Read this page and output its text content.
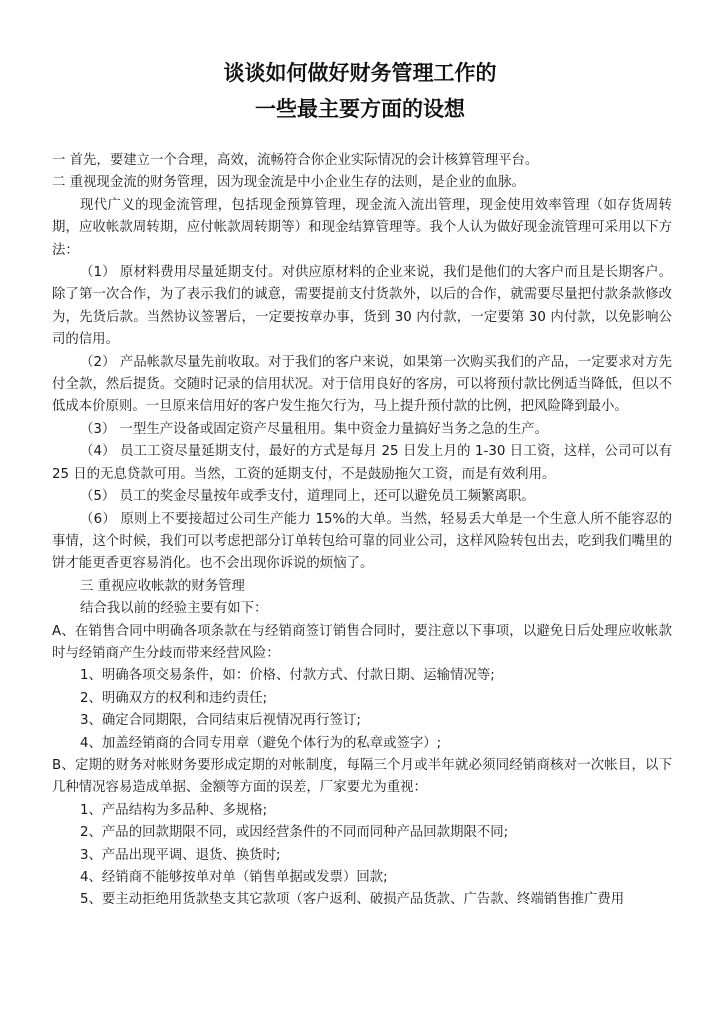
谈谈如何做好财务管理工作的
一些最主要方面的设想

一 首先，要建立一个合理，高效，流畅符合你企业实际情况的会计核算管理平台。

二 重视现金流的财务管理，因为现金流是中小企业生存的法则，是企业的血脉。

现代广义的现金流管理，包括现金预算管理，现金流入流出管理，现金使用效率管理（如存货周转期，应收帐款周转期，应付帐款周转期等）和现金结算管理等。我个人认为做好现金流管理可采用以下方法：

（1） 原材料费用尽量延期支付。对供应原材料的企业来说，我们是他们的大客户而且是长期客户。除了第一次合作，为了表示我们的诚意，需要提前支付货款外，以后的合作，就需要尽量把付款条款修改为，先货后款。当然协议签署后，一定要按章办事，货到 30 内付款，一定要第 30 内付款，以免影响公司的信用。

（2） 产品帐款尽量先前收取。对于我们的客户来说，如果第一次购买我们的产品，一定要求对方先付全款，然后提货。交随时记录的信用状况。对于信用良好的客房，可以将预付款比例适当降低，但以不低成本价原则。一旦原来信用好的客户发生拖欠行为，马上提升预付款的比例，把风险降到最小。

（3） 一型生产设备或固定资产尽量租用。集中资金力量搞好当务之急的生产。

（4） 员工工资尽量延期支付，最好的方式是每月 25 日发上月的 1-30 日工资，这样，公司可以有 25 日的无息贷款可用。当然，工资的延期支付，不是鼓励拖欠工资，而是有效利用。

（5） 员工的奖金尽量按年或季支付，道理同上，还可以避免员工频繁离职。

（6） 原则上不要接超过公司生产能力 15%的大单。当然，轻易丢大单是一个生意人所不能容忍的事情，这个时候，我们可以考虑把部分订单转包给可靠的同业公司，这样风险转包出去，吃到我们嘴里的饼才能更香更容易消化。也不会出现你诉说的烦恼了。

三 重视应收帐款的财务管理

结合我以前的经验主要有如下：

A、在销售合同中明确各项条款在与经销商签订销售合同时，要注意以下事项，以避免日后处理应收帐款时与经销商产生分歧而带来经营风险：

1、明确各项交易条件，如：价格、付款方式、付款日期、运输情况等;

2、明确双方的权利和违约责任;

3、确定合同期限，合同结束后视情况再行签订;

4、加盖经销商的合同专用章（避免个体行为的私章或签字）;

B、定期的财务对帐财务要形成定期的对帐制度，每隔三个月或半年就必须同经销商核对一次帐目，以下几种情况容易造成单据、金额等方面的误差，厂家要尤为重视：

1、产品结构为多品种、多规格;

2、产品的回款期限不同，或因经营条件的不同而同种产品回款期限不同;

3、产品出现平调、退货、换货时;

4、经销商不能够按单对单（销售单据或发票）回款;

5、要主动拒绝用货款垫支其它款项（客户返利、破损产品货款、广告款、终端销售推广费用
